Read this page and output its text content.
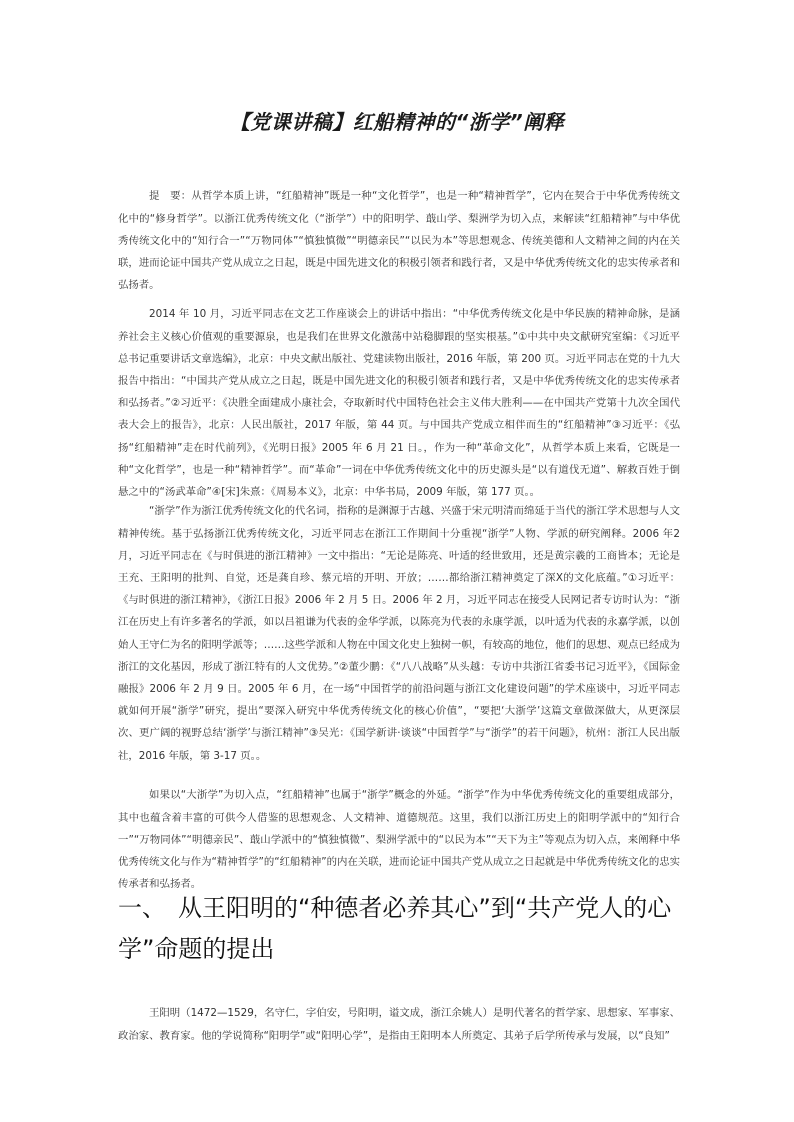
【党课讲稿】红船精神的“浙学”阐释

提　要：从哲学本质上讲，“红船精神”既是一种“文化哲学”，也是一种“精神哲学”，它内在契合于中华优秀传统文化中的“修身哲学”。以浙江优秀传统文化（“浙学”）中的阳明学、蕺山学、梨洲学为切入点，来解读“红船精神”与中华优秀传统文化中的“知行合一”“万物同体”“慎独慎微”“明德亲民”“以民为本”等思想观念、传统美德和人文精神之间的内在关联，进而论证中国共产党从成立之日起，既是中国先进文化的积极引领者和践行者，又是中华优秀传统文化的忠实传承者和弘扬者。

2014 年 10 月，习近平同志在文艺工作座谈会上的讲话中指出：“中华优秀传统文化是中华民族的精神命脉，是涵养社会主义核心价值观的重要源泉，也是我们在世界文化激荡中站稳脚跟的坚实根基。”①中共中央文献研究室编：《习近平总书记重要讲话文章选编》，北京：中央文献出版社、党建读物出版社，2016 年版，第 200 页。习近平同志在党的十九大报告中指出：“中国共产党从成立之日起，既是中国先进文化的积极引领者和践行者，又是中华优秀传统文化的忠实传承者和弘扬者。”②习近平：《决胜全面建成小康社会，夺取新时代中国特色社会主义伟大胜利——在中国共产党第十九次全国代表大会上的报告》，北京：人民出版社，2017 年版，第 44 页。与中国共产党成立相伴而生的“红船精神”③习近平：《弘扬“红船精神”走在时代前列》，《光明日报》2005 年 6 月 21 日。，作为一种“革命文化”，从哲学本质上来看，它既是一种“文化哲学”，也是一种“精神哲学”。而“革命”一词在中华优秀传统文化中的历史源头是“以有道伐无道”、解救百姓于倒悬之中的“汤武革命”④[宋]朱熹：《周易本义》，北京：中华书局，2009 年版，第 177 页。。

“浙学”作为浙江优秀传统文化的代名词，指称的是渊源于古越、兴盛于宋元明清而绵延于当代的浙江学术思想与人文精神传统。基于弘扬浙江优秀传统文化，习近平同志在浙江工作期间十分重视“浙学”人物、学派的研究阐释。2006 年2 月，习近平同志在《与时俱进的浙江精神》一文中指出：“无论是陈亮、叶适的经世致用，还是黄宗羲的工商皆本；无论是王充、王阳明的批判、自觉，还是龚自珍、蔡元培的开明、开放；……都给浙江精神奠定了深X的文化底蕴。”①习近平：《与时俱进的浙江精神》，《浙江日报》2006 年 2 月 5 日。2006 年 2 月，习近平同志在接受人民网记者专访时认为：“浙江在历史上有许多著名的学派，如以吕祖谦为代表的金华学派，以陈亮为代表的永康学派，以叶适为代表的永嘉学派，以创始人王守仁为名的阳明学派等；……这些学派和人物在中国文化史上独树一帜，有较高的地位，他们的思想、观点已经成为浙江的文化基因，形成了浙江特有的人文优势。”②董少鹏：《“八八战略”从头越：专访中共浙江省委书记习近平》，《国际金融报》2006 年 2 月 9 日。2005 年 6 月，在一场“中国哲学的前沿问题与浙江文化建设问题”的学术座谈中，习近平同志就如何开展“浙学”研究，提出“要深入研究中华优秀传统文化的核心价值”，“要把‘大浙学’这篇文章做深做大，从更深层次、更广阔的视野总结‘浙学’与浙江精神”③吴光：《国学新讲·谈谈“中国哲学”与“浙学”的若干问题》，杭州：浙江人民出版社，2016 年版，第 3-17 页。。

如果以“大浙学”为切入点，“红船精神”也属于“浙学”概念的外延。“浙学”作为中华优秀传统文化的重要组成部分，其中也蕴含着丰富的可供今人借鉴的思想观念、人文精神、道德规范。这里，我们以浙江历史上的阳明学派中的“知行合一”“万物同体”“明德亲民”、蕺山学派中的“慎独慎微”、梨洲学派中的“以民为本”“天下为主”等观点为切入点，来阐释中华优秀传统文化与作为“精神哲学”的“红船精神”的内在关联，进而论证中国共产党从成立之日起就是中华优秀传统文化的忠实传承者和弘扬者。

一、　从王阳明的“种德者必养其心”到“共产党人的心学”命题的提出

王阳明（1472—1529，名守仁，字伯安，号阳明，谥文成，浙江余姚人）是明代著名的哲学家、思想家、军事家、政治家、教育家。他的学说简称“阳明学”或“阳明心学”，是指由王阳明本人所奠定、其弟子后学所传承与发展，以“良知”
